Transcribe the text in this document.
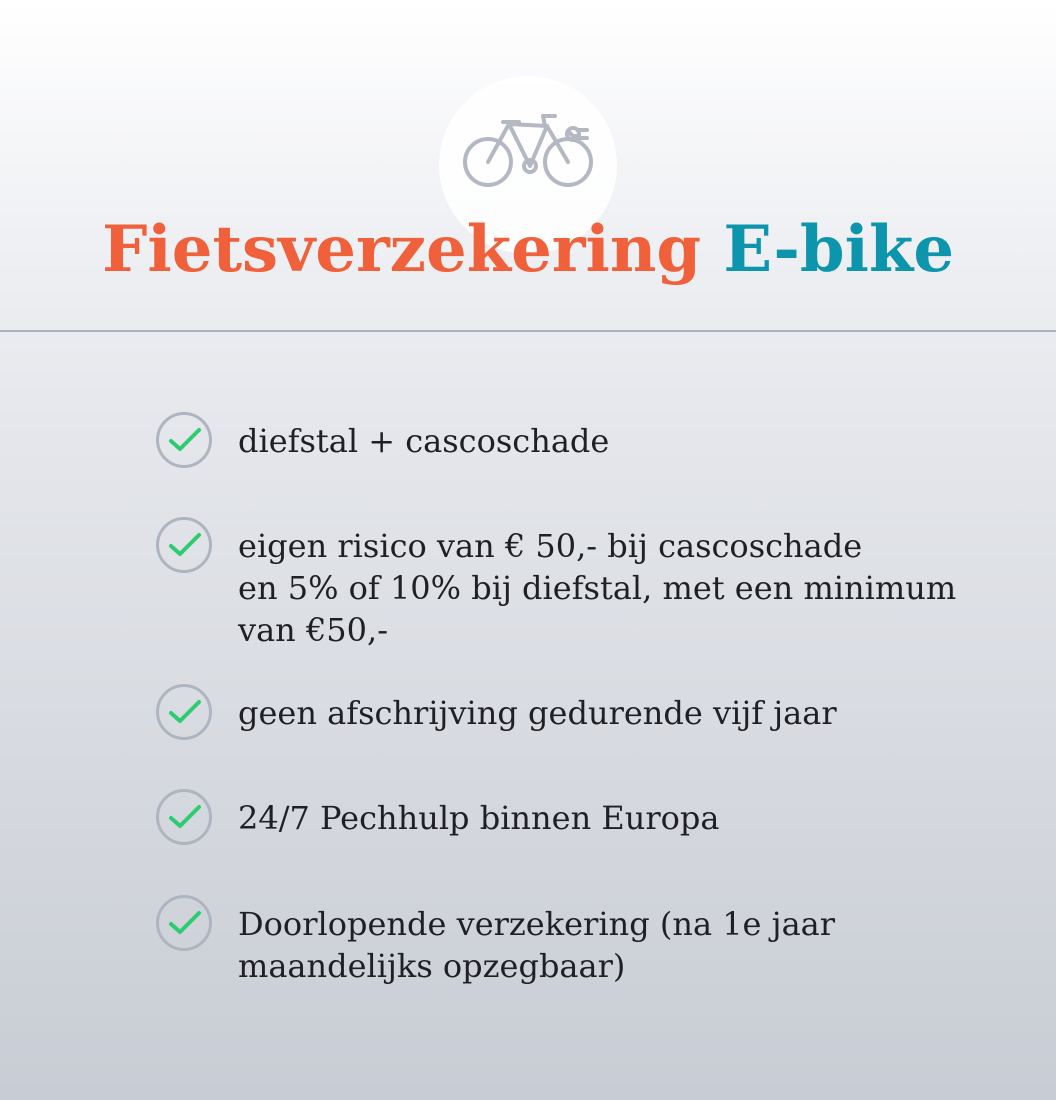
Fietsverzekering E-bike
diefstal + cascoschade
eigen risico van € 50,- bij cascoschade
en 5% of 10% bij diefstal, met een minimum
van €50,-
geen afschrijving gedurende vijf jaar
24/7 Pechhulp binnen Europa
Doorlopende verzekering (na 1e jaar
maandelijks opzegbaar)
